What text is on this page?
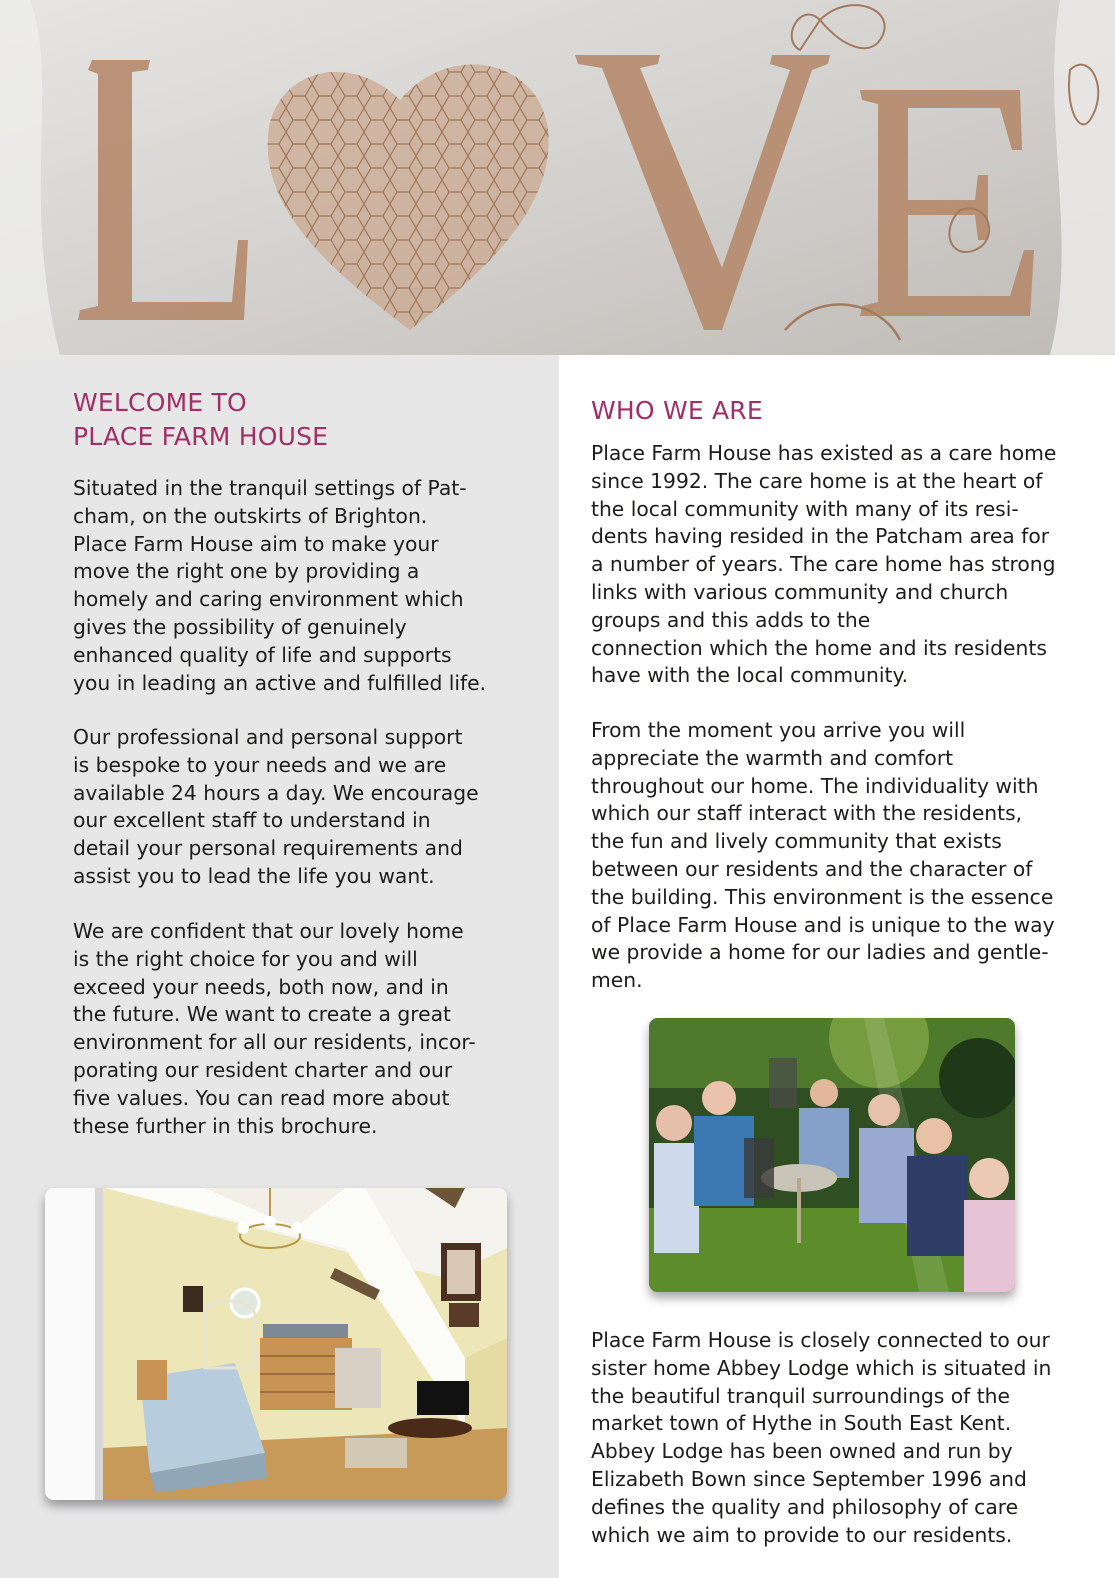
WELCOME TO
PLACE FARM HOUSE

Situated in the tranquil settings of Pat-
cham, on the outskirts of Brighton.
Place Farm House aim to make your
move the right one by providing a
homely and caring environment which
gives the possibility of genuinely
enhanced quality of life and supports
you in leading an active and fulfilled life.

Our professional and personal support
is bespoke to your needs and we are
available 24 hours a day. We encourage
our excellent staff to understand in
detail your personal requirements and
assist you to lead the life you want.

We are confident that our lovely home
is the right choice for you and will
exceed your needs, both now, and in
the future. We want to create a great
environment for all our residents, incor-
porating our resident charter and our
five values. You can read more about
these further in this brochure.

WHO WE ARE

Place Farm House has existed as a care home
since 1992. The care home is at the heart of
the local community with many of its resi-
dents having resided in the Patcham area for
a number of years. The care home has strong
links with various community and church
groups and this adds to the
connection which the home and its residents
have with the local community.

From the moment you arrive you will
appreciate the warmth and comfort
throughout our home. The individuality with
which our staff interact with the residents,
the fun and lively community that exists
between our residents and the character of
the building. This environment is the essence
of Place Farm House and is unique to the way
we provide a home for our ladies and gentle-
men.

Place Farm House is closely connected to our
sister home Abbey Lodge which is situated in
the beautiful tranquil surroundings of the
market town of Hythe in South East Kent.
Abbey Lodge has been owned and run by
Elizabeth Bown since September 1996 and
defines the quality and philosophy of care
which we aim to provide to our residents.
